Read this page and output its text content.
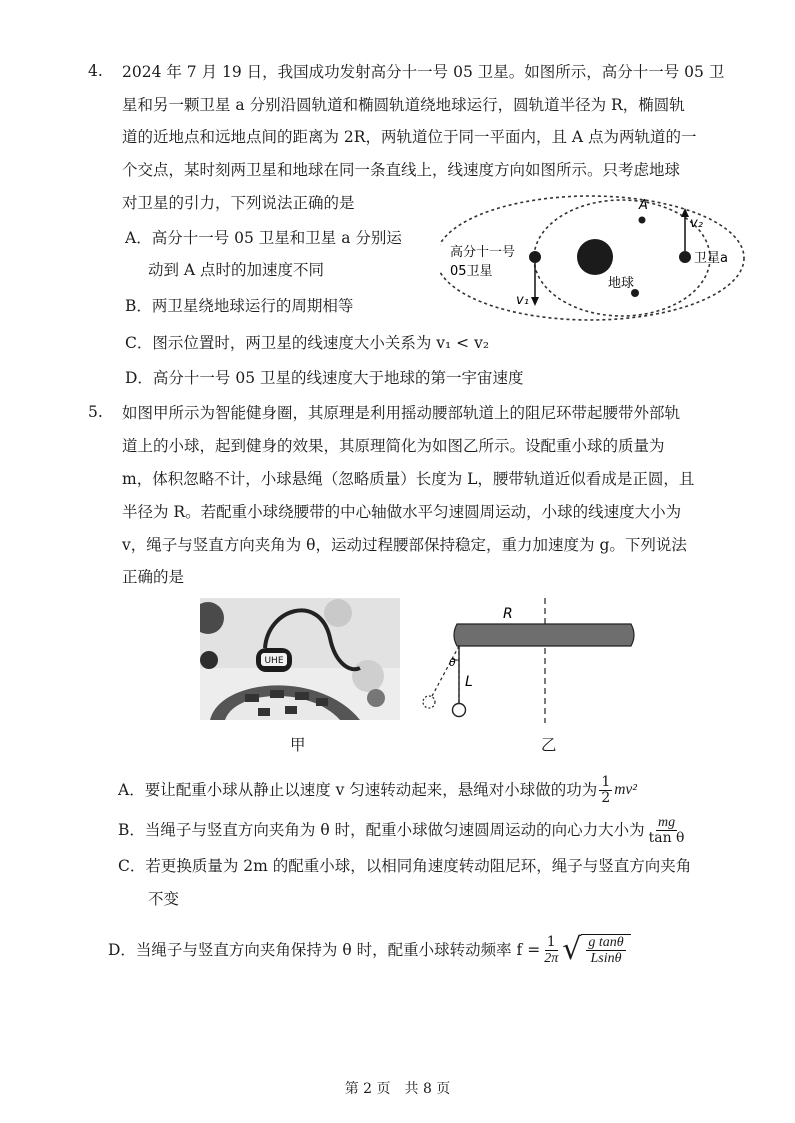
4. 2024 年 7 月 19 日，我国成功发射高分十一号 05 卫星。如图所示，高分十一号 05 卫
星和另一颗卫星 a 分别沿圆轨道和椭圆轨道绕地球运行，圆轨道半径为 R，椭圆轨
道的近地点和远地点间的距离为 2R，两轨道位于同一平面内，且 A 点为两轨道的一
个交点，某时刻两卫星和地球在同一条直线上，线速度方向如图所示。只考虑地球
对卫星的引力，下列说法正确的是
A．高分十一号 05 卫星和卫星 a 分别运
动到 A 点时的加速度不同
B．两卫星绕地球运行的周期相等
C．图示位置时，两卫星的线速度大小关系为 v₁ < v₂
D．高分十一号 05 卫星的线速度大于地球的第一宇宙速度
A
v₂
高分十一号
05卫星
卫星a
地球
v₁
5. 如图甲所示为智能健身圈，其原理是利用摇动腰部轨道上的阻尼环带起腰带外部轨
道上的小球，起到健身的效果，其原理简化为如图乙所示。设配重小球的质量为
m，体积忽略不计，小球悬绳（忽略质量）长度为 L，腰带轨道近似看成是正圆，且
半径为 R。若配重小球绕腰带的中心轴做水平匀速圆周运动，小球的线速度大小为
v，绳子与竖直方向夹角为 θ，运动过程腰部保持稳定，重力加速度为 g。下列说法
正确的是
UHE
甲
R
θ
L
乙
A．要让配重小球从静止以速度 v 匀速转动起来，悬绳对小球做的功为 $\frac{1}{2} mv^2$
B．当绳子与竖直方向夹角为 θ 时，配重小球做匀速圆周运动的向心力大小为 $\frac{mg}{\text{tan θ}}$
C．若更换质量为 2m 的配重小球，以相同角速度转动阻尼环，绳子与竖直方向夹角
不变
D．当绳子与竖直方向夹角保持为 θ 时，配重小球转动频率 $f = \frac{1}{2\pi}$ √ $\frac{\text{g tanθ}}{Lsin\theta}$
第 2 页　共 8 页
